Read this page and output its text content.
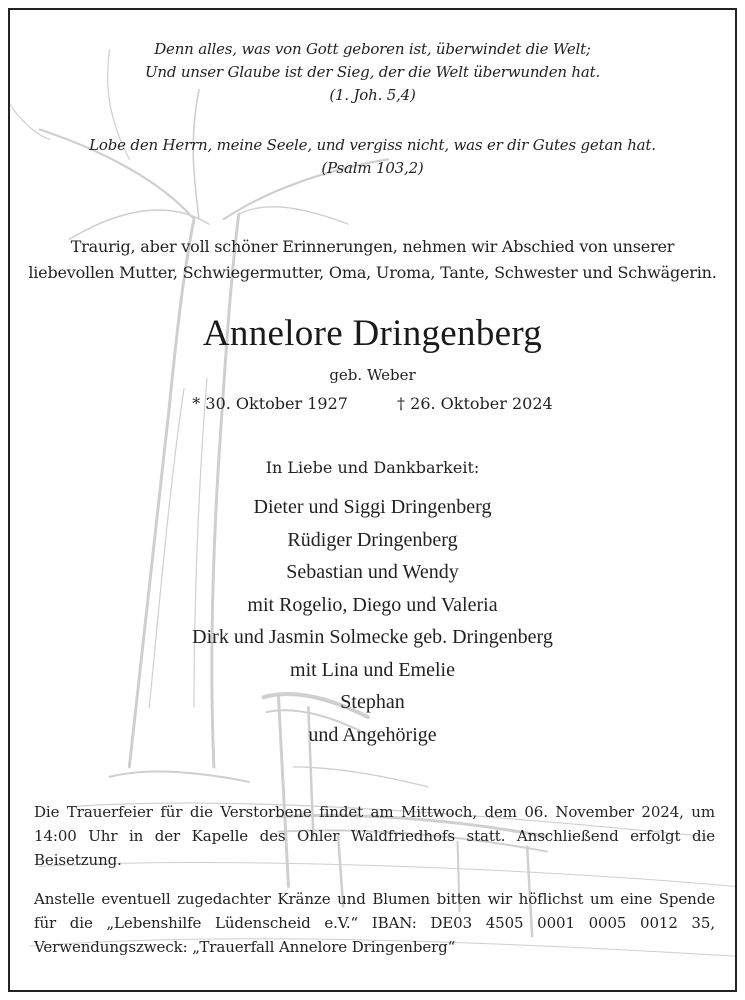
Denn alles, was von Gott geboren ist, überwindet die Welt;
Und unser Glaube ist der Sieg, der die Welt überwunden hat.
(1. Joh. 5,4)
Lobe den Herrn, meine Seele, und vergiss nicht, was er dir Gutes getan hat.
(Psalm 103,2)
Traurig, aber voll schöner Erinnerungen, nehmen wir Abschied von unserer
liebevollen Mutter, Schwiegermutter, Oma, Uroma, Tante, Schwester und Schwägerin.
Annelore Dringenberg
geb. Weber
* 30. Oktober 1927	† 26. Oktober 2024
In Liebe und Dankbarkeit:
Dieter und Siggi Dringenberg
Rüdiger Dringenberg
Sebastian und Wendy
mit Rogelio, Diego und Valeria
Dirk und Jasmin Solmecke geb. Dringenberg
mit Lina und Emelie
Stephan
und Angehörige
Die Trauerfeier für die Verstorbene findet am Mittwoch, dem 06. November 2024, um 14:00 Uhr in der Kapelle des Ohler Waldfriedhofs statt. Anschließend erfolgt die Beisetzung.
Anstelle eventuell zugedachter Kränze und Blumen bitten wir höflichst um eine Spende für die „Lebenshilfe Lüdenscheid e.V.“ IBAN: DE03 4505 0001 0005 0012 35, Verwendungszweck: „Trauerfall Annelore Dringenberg“
